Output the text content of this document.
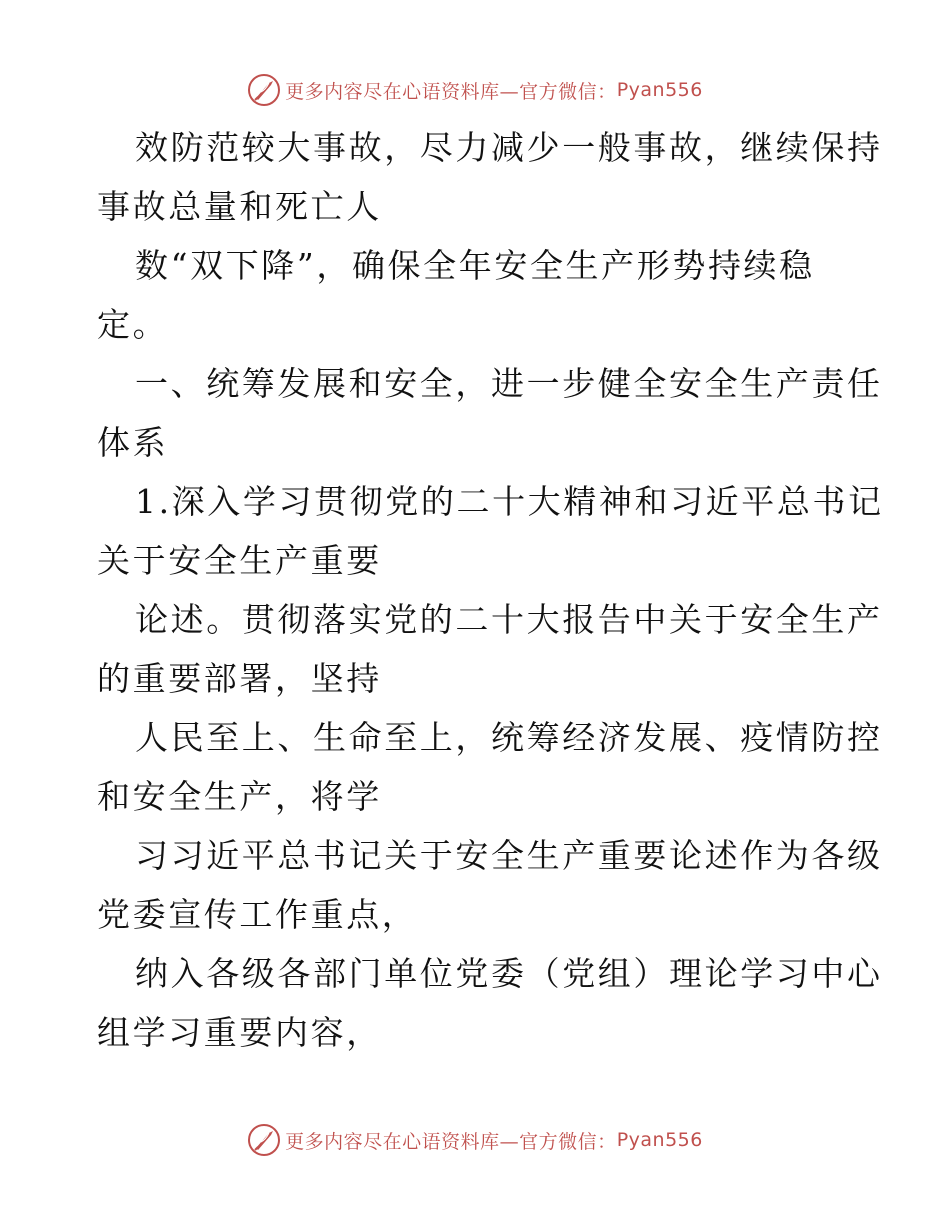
更多内容尽在心语资料库 —官方微信： Pyan556
效防范较大事故，尽力减少一般事故，继续保持
事故总量和死亡人
数“双下降”，确保全年安全生产形势持续稳
定。
一、统筹发展和安全，进一步健全安全生产责任
体系
1.深入学习贯彻党的二十大精神和习近平总书记
关于安全生产重要
论述。贯彻落实党的二十大报告中关于安全生产
的重要部署，坚持
人民至上、生命至上，统筹经济发展、疫情防控
和安全生产，将学
习习近平总书记关于安全生产重要论述作为各级
党委宣传工作重点，
纳入各级各部门单位党委（党组）理论学习中心
组学习重要内容，
更多内容尽在心语资料库 —官方微信： Pyan556
